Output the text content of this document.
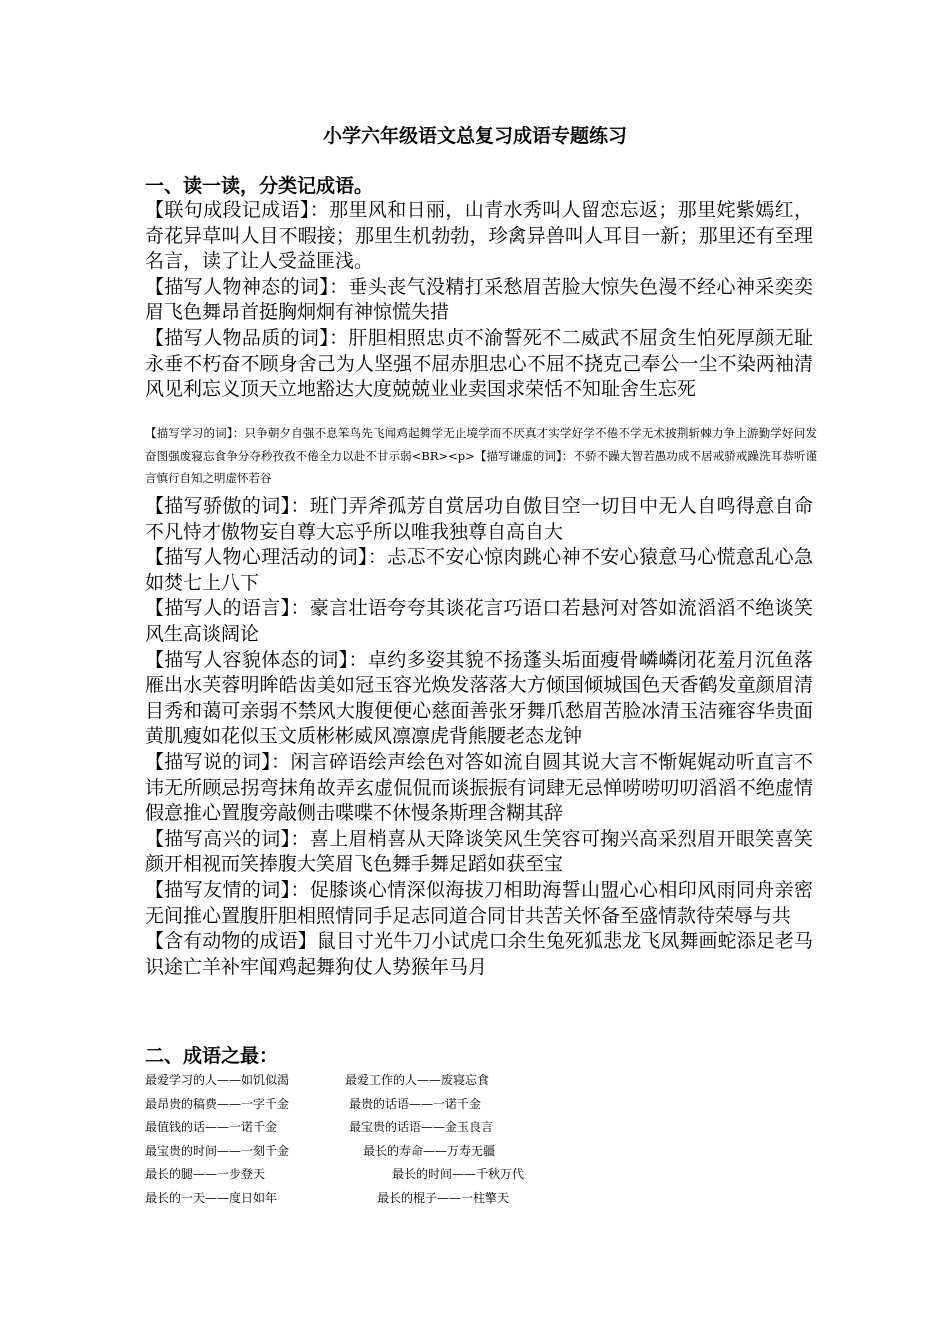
小学六年级语文总复习成语专题练习
一、读一读，分类记成语。

【联句成段记成语】：那里风和日丽，山青水秀叫人留恋忘返；那里姹紫嫣红，奇花异草叫人目不暇接；那里生机勃勃，珍禽异兽叫人耳目一新；那里还有至理名言，读了让人受益匪浅。

【描写人物神态的词】：垂头丧气没精打采愁眉苦脸大惊失色漫不经心神采奕奕眉飞色舞昂首挺胸炯炯有神惊慌失措

【描写人物品质的词】：肝胆相照忠贞不渝誓死不二威武不屈贪生怕死厚颜无耻永垂不朽奋不顾身舍己为人坚强不屈赤胆忠心不屈不挠克己奉公一尘不染两袖清风见利忘义顶天立地豁达大度兢兢业业卖国求荣恬不知耻舍生忘死

【描写学习的词】：只争朝夕自强不息笨鸟先飞闻鸡起舞学无止境学而不厌真才实学好学不倦不学无术披荆斩棘力争上游勤学好问发奋图强废寝忘食争分夺秒孜孜不倦全力以赴不甘示弱<BR><p>【描写谦虚的词】：不骄不躁大智若愚功成不居戒骄戒躁洗耳恭听谨言慎行自知之明虚怀若谷

【描写骄傲的词】：班门弄斧孤芳自赏居功自傲目空一切目中无人自鸣得意自命不凡恃才傲物妄自尊大忘乎所以唯我独尊自高自大

【描写人物心理活动的词】：忐忑不安心惊肉跳心神不安心猿意马心慌意乱心急如焚七上八下

【描写人的语言】：豪言壮语夸夸其谈花言巧语口若悬河对答如流滔滔不绝谈笑风生高谈阔论

【描写人容貌体态的词】：卓约多姿其貌不扬蓬头垢面瘦骨嶙嶙闭花羞月沉鱼落雁出水芙蓉明眸皓齿美如冠玉容光焕发落落大方倾国倾城国色天香鹤发童颜眉清目秀和蔼可亲弱不禁风大腹便便心慈面善张牙舞爪愁眉苦脸冰清玉洁雍容华贵面黄肌瘦如花似玉文质彬彬威风凛凛虎背熊腰老态龙钟

【描写说的词】：闲言碎语绘声绘色对答如流自圆其说大言不惭娓娓动听直言不讳无所顾忌拐弯抹角故弄玄虚侃侃而谈振振有词肆无忌惮唠唠叨叨滔滔不绝虚情假意推心置腹旁敲侧击喋喋不休慢条斯理含糊其辞

【描写高兴的词】：喜上眉梢喜从天降谈笑风生笑容可掬兴高采烈眉开眼笑喜笑颜开相视而笑捧腹大笑眉飞色舞手舞足蹈如获至宝

【描写友情的词】：促膝谈心情深似海拔刀相助海誓山盟心心相印风雨同舟亲密无间推心置腹肝胆相照情同手足志同道合同甘共苦关怀备至盛情款待荣辱与共

【含有动物的成语】鼠目寸光牛刀小试虎口余生兔死狐悲龙飞凤舞画蛇添足老马识途亡羊补牢闻鸡起舞狗仗人势猴年马月

二、成语之最：
最爱学习的人——如饥似渴	最爱工作的人——废寝忘食
最昂贵的稿费——一字千金	最贵的话语——一诺千金
最值钱的话——一诺千金	最宝贵的话语——金玉良言
最宝贵的时间——一刻千金	最长的寿命——万寿无疆
最长的腿——一步登天	最长的时间——千秋万代
最长的一天——度日如年	最长的棍子——一柱擎天
